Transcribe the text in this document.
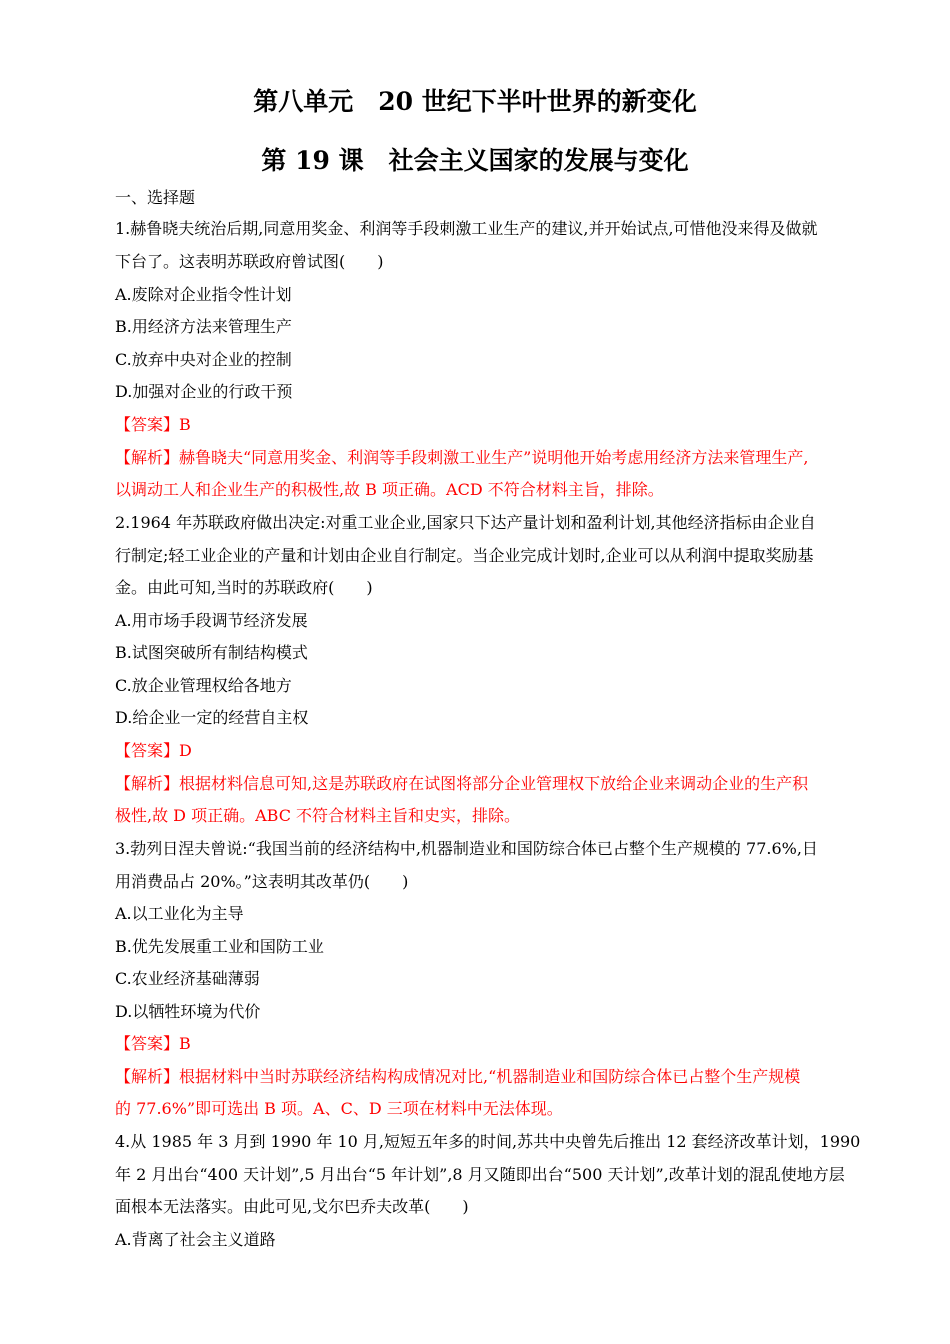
第八单元　20 世纪下半叶世界的新变化
第 19 课　社会主义国家的发展与变化
一、选择题
1.赫鲁晓夫统治后期,同意用奖金、利润等手段刺激工业生产的建议,并开始试点,可惜他没来得及做就
下台了。这表明苏联政府曾试图(　　)
A.废除对企业指令性计划
B.用经济方法来管理生产
C.放弃中央对企业的控制
D.加强对企业的行政干预
【答案】B
【解析】赫鲁晓夫“同意用奖金、利润等手段刺激工业生产”说明他开始考虑用经济方法来管理生产,
以调动工人和企业生产的积极性,故 B 项正确。ACD 不符合材料主旨，排除。
2.1964 年苏联政府做出决定:对重工业企业,国家只下达产量计划和盈利计划,其他经济指标由企业自
行制定;轻工业企业的产量和计划由企业自行制定。当企业完成计划时,企业可以从利润中提取奖励基
金。由此可知,当时的苏联政府(　　)
A.用市场手段调节经济发展
B.试图突破所有制结构模式
C.放企业管理权给各地方
D.给企业一定的经营自主权
【答案】D
【解析】根据材料信息可知,这是苏联政府在试图将部分企业管理权下放给企业来调动企业的生产积
极性,故 D 项正确。ABC 不符合材料主旨和史实，排除。
3.勃列日涅夫曾说:“我国当前的经济结构中,机器制造业和国防综合体已占整个生产规模的 77.6%,日
用消费品占 20%。”这表明其改革仍(　　)
A.以工业化为主导
B.优先发展重工业和国防工业
C.农业经济基础薄弱
D.以牺牲环境为代价
【答案】B
【解析】根据材料中当时苏联经济结构构成情况对比,“机器制造业和国防综合体已占整个生产规模
的 77.6%”即可选出 B 项。A、C、D 三项在材料中无法体现。
4.从 1985 年 3 月到 1990 年 10 月,短短五年多的时间,苏共中央曾先后推出 12 套经济改革计划，1990
年 2 月出台“400 天计划”,5 月出台“5 年计划”,8 月又随即出台“500 天计划”,改革计划的混乱使地方层
面根本无法落实。由此可见,戈尔巴乔夫改革(　　)
A.背离了社会主义道路
